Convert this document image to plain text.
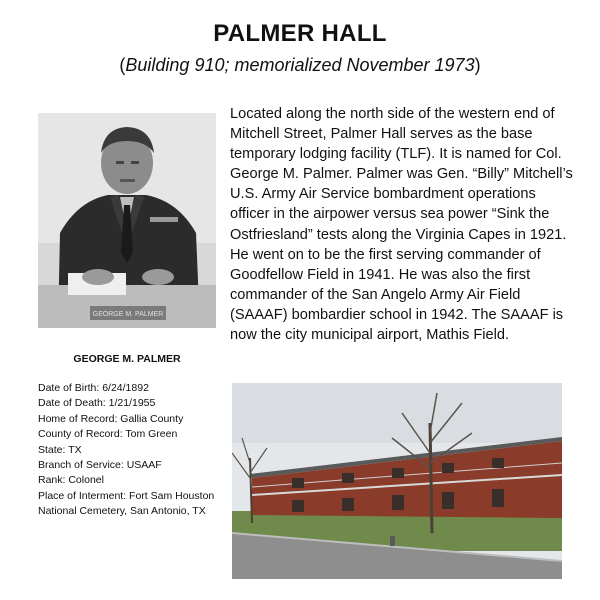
PALMER HALL
(Building 910; memorialized November 1973)
GEORGE M. PALMER
GEORGE M. PALMER
Date of Birth: 6/24/1892
Date of Death: 1/21/1955
Home of Record: Gallia County
County of Record: Tom Green
State: TX
Branch of Service: USAAF
Rank: Colonel
Place of Interment: Fort Sam Houston National Cemetery, San Antonio, TX
Located along the north side of the western end of Mitchell Street, Palmer Hall serves as the base temporary lodging facility (TLF). It is named for Col. George M. Palmer. Palmer was Gen. “Billy” Mitchell’s U.S. Army Air Service bombardment operations officer in the airpower versus sea power “Sink the Ostfriesland” tests along the Virginia Capes in 1921. He went on to be the first serving commander of Goodfellow Field in 1941. He was also the first commander of the San Angelo Army Air Field (SAAAF) bombardier school in 1942. The SAAAF is now the city municipal airport, Mathis Field.
